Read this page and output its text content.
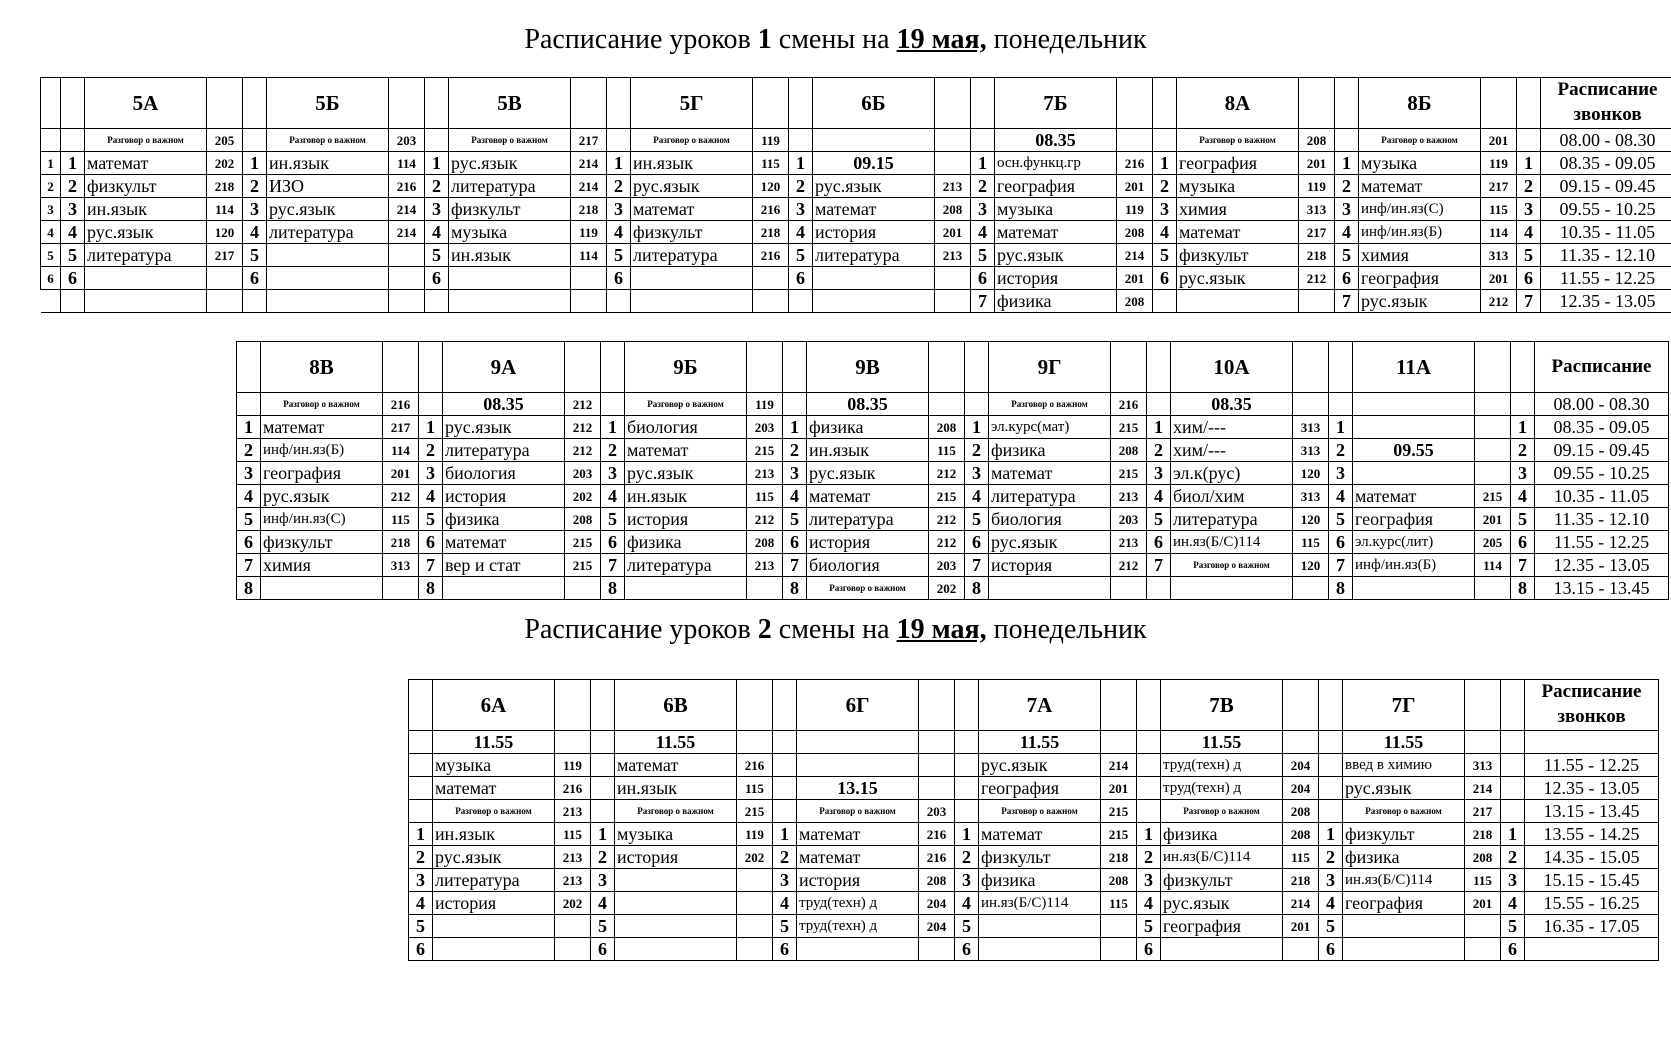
Расписание уроков 1 смены на 19 мая, понедельник
		5А			5Б			5В			5Г			6Б			7Б			8А			8Б			Расписание звонков
		Разговор о важном	205		Разговор о важном	203		Разговор о важном	217		Разговор о важном	119					08.35			Разговор о важном	208		Разговор о важном	201		08.00 - 08.30
1	1	математ	202	1	ин.язык	114	1	рус.язык	214	1	ин.язык	115	1	09.15		1	осн.функц.гр	216	1	география	201	1	музыка	119	1	08.35 - 09.05
2	2	физкульт	218	2	ИЗО	216	2	литература	214	2	рус.язык	120	2	рус.язык	213	2	география	201	2	музыка	119	2	математ	217	2	09.15 - 09.45
3	3	ин.язык	114	3	рус.язык	214	3	физкульт	218	3	математ	216	3	математ	208	3	музыка	119	3	химия	313	3	инф/ин.яз(С)	115	3	09.55 - 10.25
4	4	рус.язык	120	4	литература	214	4	музыка	119	4	физкульт	218	4	история	201	4	математ	208	4	математ	217	4	инф/ин.яз(Б)	114	4	10.35 - 11.05
5	5	литература	217	5			5	ин.язык	114	5	литература	216	5	литература	213	5	рус.язык	214	5	физкульт	218	5	химия	313	5	11.35 - 12.10
6	6			6			6			6			6			6	история	201	6	рус.язык	212	6	география	201	6	11.55 - 12.25
																7	физика	208				7	рус.язык	212	7	12.35 - 13.05
	8В			9А			9Б			9В			9Г			10А			11А			Расписание
	Разговор о важном	216		08.35	212		Разговор о важном	119		08.35			Разговор о важном	216		08.35						08.00 - 08.30
1	математ	217	1	рус.язык	212	1	биология	203	1	физика	208	1	эл.курс(мат)	215	1	хим/---	313	1			1	08.35 - 09.05
2	инф/ин.яз(Б)	114	2	литература	212	2	математ	215	2	ин.язык	115	2	физика	208	2	хим/---	313	2	09.55		2	09.15 - 09.45
3	география	201	3	биология	203	3	рус.язык	213	3	рус.язык	212	3	математ	215	3	эл.к(рус)	120	3			3	09.55 - 10.25
4	рус.язык	212	4	история	202	4	ин.язык	115	4	математ	215	4	литература	213	4	биол/хим	313	4	математ	215	4	10.35 - 11.05
5	инф/ин.яз(С)	115	5	физика	208	5	история	212	5	литература	212	5	биология	203	5	литература	120	5	география	201	5	11.35 - 12.10
6	физкульт	218	6	математ	215	6	физика	208	6	история	212	6	рус.язык	213	6	ин.яз(Б/С)114	115	6	эл.курс(лит)	205	6	11.55 - 12.25
7	химия	313	7	вер и стат	215	7	литература	213	7	биология	203	7	история	212	7	Разговор о важном	120	7	инф/ин.яз(Б)	114	7	12.35 - 13.05
8			8			8			8	Разговор о важном	202	8						8			8	13.15 - 13.45
Расписание уроков 2 смены на 19 мая, понедельник
	6А			6В			6Г			7А			7В			7Г			Расписание звонков
	11.55			11.55						11.55			11.55			11.55			
	музыка	119		математ	216					рус.язык	214		труд(техн) д	204		введ в химию	313		11.55 - 12.25
	математ	216		ин.язык	115		13.15			география	201		труд(техн) д	204		рус.язык	214		12.35 - 13.05
	Разговор о важном	213		Разговор о важном	215		Разговор о важном	203		Разговор о важном	215		Разговор о важном	208		Разговор о важном	217		13.15 - 13.45
1	ин.язык	115	1	музыка	119	1	математ	216	1	математ	215	1	физика	208	1	физкульт	218	1	13.55 - 14.25
2	рус.язык	213	2	история	202	2	математ	216	2	физкульт	218	2	ин.яз(Б/С)114	115	2	физика	208	2	14.35 - 15.05
3	литература	213	3			3	история	208	3	физика	208	3	физкульт	218	3	ин.яз(Б/С)114	115	3	15.15 - 15.45
4	история	202	4			4	труд(техн) д	204	4	ин.яз(Б/С)114	115	4	рус.язык	214	4	география	201	4	15.55 - 16.25
5			5			5	труд(техн) д	204	5			5	география	201	5			5	16.35 - 17.05
6			6			6			6			6			6			6	
